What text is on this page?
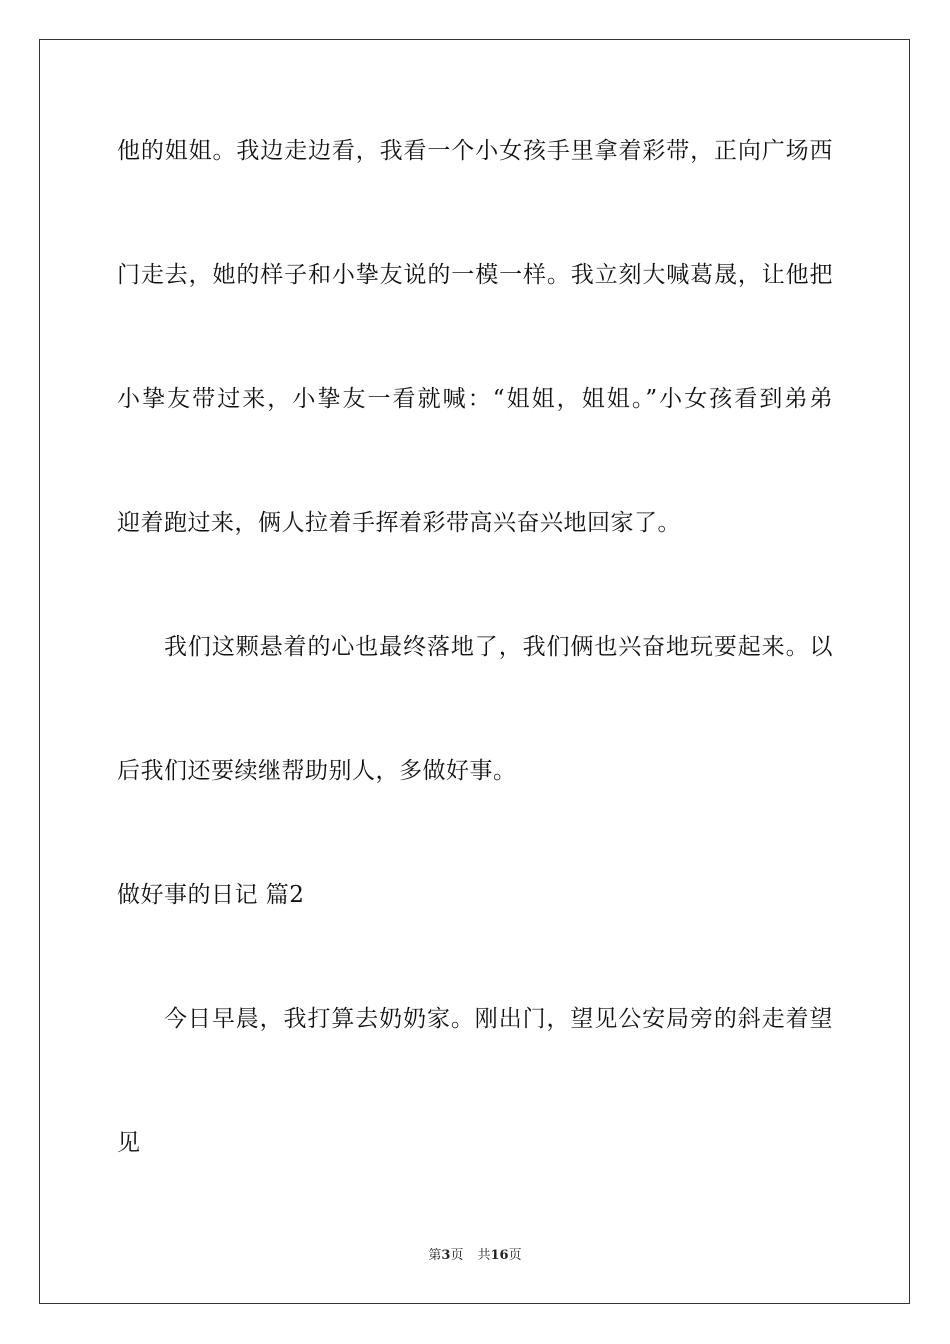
他的姐姐。我边走边看，我看一个小女孩手里拿着彩带，正向广场西
门走去，她的样子和小挚友说的一模一样。我立刻大喊葛晟，让他把
小挚友带过来，小挚友一看就喊：“姐姐，姐姐。”小女孩看到弟弟
迎着跑过来，俩人拉着手挥着彩带高兴奋兴地回家了。
我们这颗悬着的心也最终落地了，我们俩也兴奋地玩要起来。以
后我们还要续继帮助别人，多做好事。
做好事的日记 篇2
今日早晨，我打算去奶奶家。刚出门，望见公安局旁的斜走着望
见
第3页 共16页
